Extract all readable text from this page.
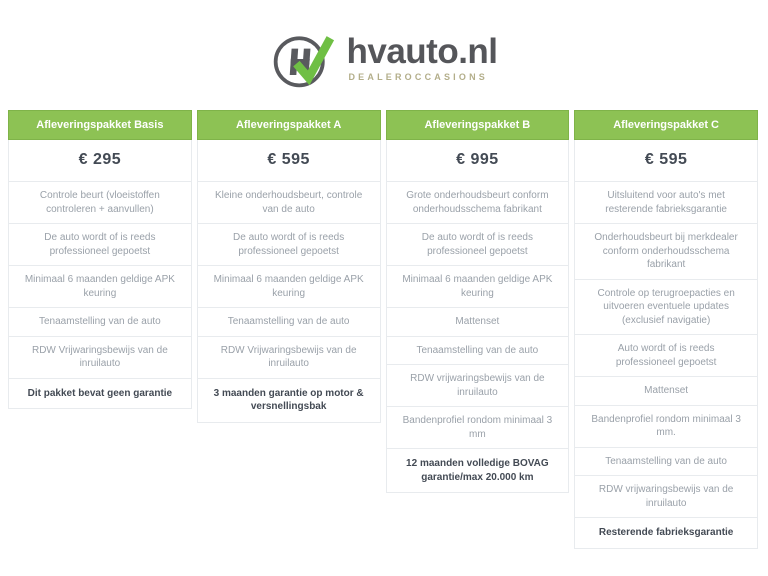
hvauto.nl
DEALEROCCASIONS
Afleveringspakket Basis
€ 295
Controle beurt (vloeistoffen controleren + aanvullen)
De auto wordt of is reeds professioneel gepoetst
Minimaal 6 maanden geldige APK keuring
Tenaamstelling van de auto
RDW Vrijwaringsbewijs van de inruilauto
Dit pakket bevat geen garantie
Afleveringspakket A
€ 595
Kleine onderhoudsbeurt, controle van de auto
De auto wordt of is reeds professioneel gepoetst
Minimaal 6 maanden geldige APK keuring
Tenaamstelling van de auto
RDW Vrijwaringsbewijs van de inruilauto
3 maanden garantie op motor & versnellingsbak
Afleveringspakket B
€ 995
Grote onderhoudsbeurt conform onderhoudsschema fabrikant
De auto wordt of is reeds professioneel gepoetst
Minimaal 6 maanden geldige APK keuring
Mattenset
Tenaamstelling van de auto
RDW vrijwaringsbewijs van de inruilauto
Bandenprofiel rondom minimaal 3 mm
12 maanden volledige BOVAG garantie/max 20.000 km
Afleveringspakket C
€ 595
Uitsluitend voor auto's met resterende fabrieksgarantie
Onderhoudsbeurt bij merkdealer conform onderhoudsschema fabrikant
Controle op terugroepacties en uitvoeren eventuele updates (exclusief navigatie)
Auto wordt of is reeds professioneel gepoetst
Mattenset
Bandenprofiel rondom minimaal 3 mm.
Tenaamstelling van de auto
RDW vrijwaringsbewijs van de inruilauto
Resterende fabrieksgarantie
